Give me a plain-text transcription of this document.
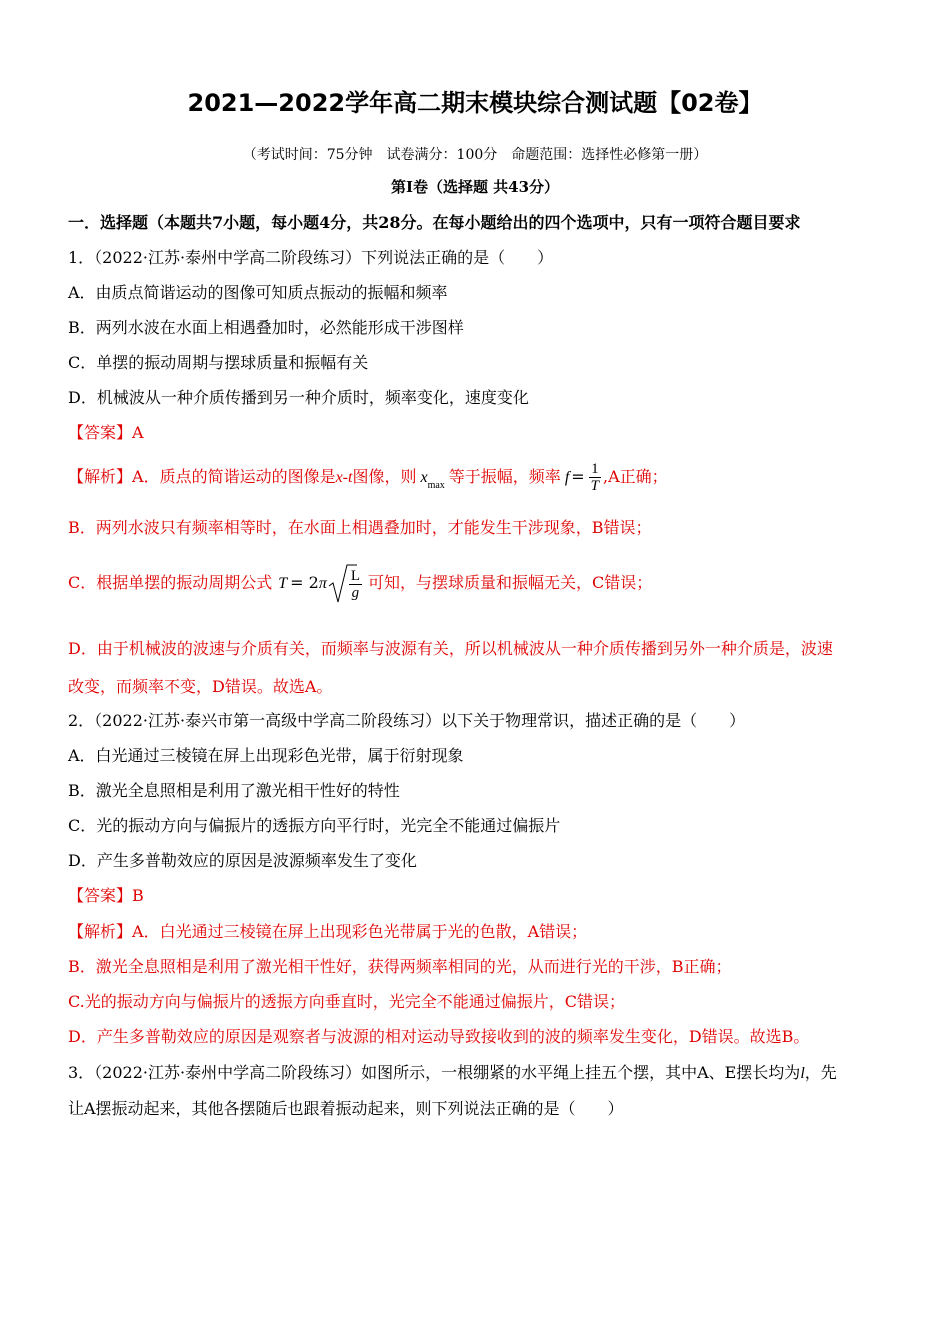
2021—2022学年高二期末模块综合测试题【02卷】
（考试时间：75分钟　试卷满分：100分　命题范围：选择性必修第一册）
第Ⅰ卷（选择题 共43分）
一．选择题（本题共7小题，每小题4分，共28分。在每小题给出的四个选项中，只有一项符合题目要求
1．（2022·江苏·泰州中学高二阶段练习）下列说法正确的是（　　）
A．由质点简谐运动的图像可知质点振动的振幅和频率
B．两列水波在水面上相遇叠加时，必然能形成干涉图样
C．单摆的振动周期与摆球质量和振幅有关
D．机械波从一种介质传播到另一种介质时，频率变化，速度变化
【答案】A
【解析】A．质点的简谐运动的图像是x-t图像，则 $x_{max}$ 等于振幅，频率 $f = \frac{1}{T} ,A$正确；
B．两列水波只有频率相等时，在水面上相遇叠加时，才能发生干涉现象，B错误；
C．根据单摆的振动周期公式 $T = 2\pi \frac{L}{g}$ 可知，与摆球质量和振幅无关，C错误；
D．由于机械波的波速与介质有关，而频率与波源有关，所以机械波从一种介质传播到另外一种介质是，波速
改变，而频率不变，D错误。故选A。
2．（2022·江苏·泰兴市第一高级中学高二阶段练习）以下关于物理常识，描述正确的是（　　）
A．白光通过三棱镜在屏上出现彩色光带，属于衍射现象
B．激光全息照相是利用了激光相干性好的特性
C．光的振动方向与偏振片的透振方向平行时，光完全不能通过偏振片
D．产生多普勒效应的原因是波源频率发生了变化
【答案】B
【解析】A．白光通过三棱镜在屏上出现彩色光带属于光的色散，A错误；
B．激光全息照相是利用了激光相干性好，获得两频率相同的光，从而进行光的干涉，B正确；
C.光的振动方向与偏振片的透振方向垂直时，光完全不能通过偏振片，C错误；
D．产生多普勒效应的原因是观察者与波源的相对运动导致接收到的波的频率发生变化，D错误。故选B。
3．（2022·江苏·泰州中学高二阶段练习）如图所示，一根绷紧的水平绳上挂五个摆，其中A、E摆长均为l，先
让A摆振动起来，其他各摆随后也跟着振动起来，则下列说法正确的是（　　）
